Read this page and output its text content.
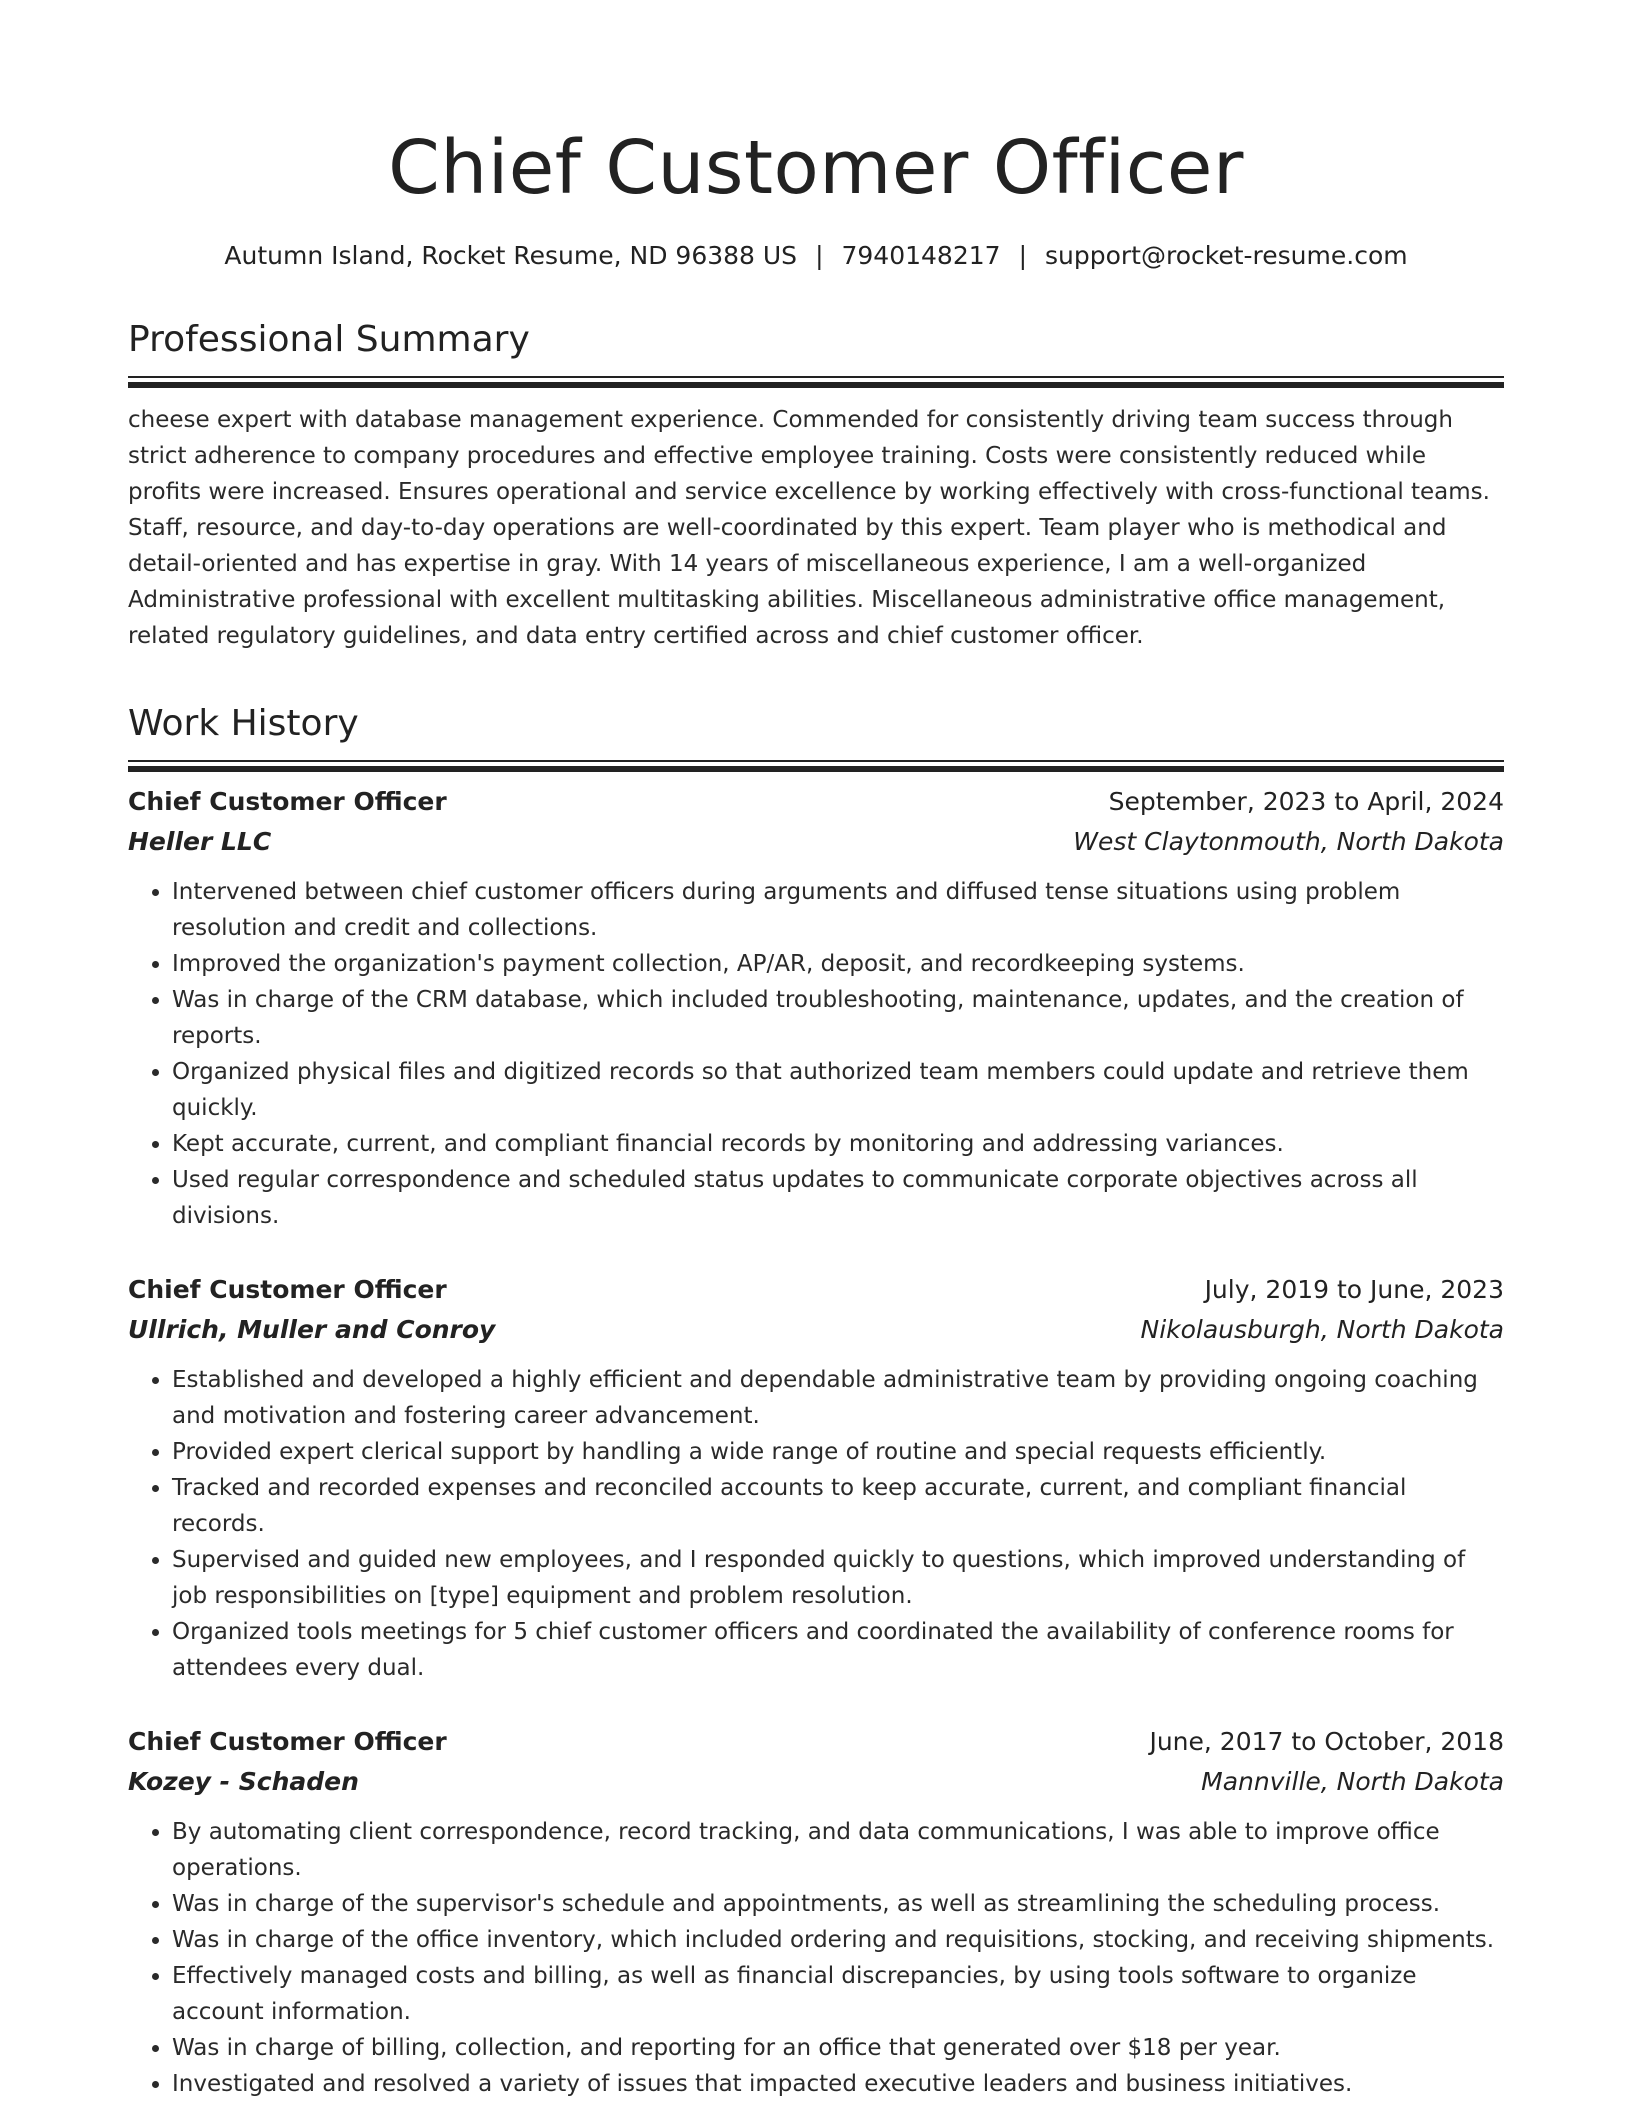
Chief Customer Officer
Autumn Island, Rocket Resume, ND 96388 US | 7940148217 | support@rocket-resume.com
Professional Summary
cheese expert with database management experience. Commended for consistently driving team success through strict adherence to company procedures and effective employee training. Costs were consistently reduced while profits were increased. Ensures operational and service excellence by working effectively with cross-functional teams. Staff, resource, and day-to-day operations are well-coordinated by this expert. Team player who is methodical and detail-oriented and has expertise in gray. With 14 years of miscellaneous experience, I am a well-organized Administrative professional with excellent multitasking abilities. Miscellaneous administrative office management, related regulatory guidelines, and data entry certified across and chief customer officer.
Work History
Chief Customer Officer	September, 2023 to April, 2024
Heller LLC	West Claytonmouth, North Dakota
• Intervened between chief customer officers during arguments and diffused tense situations using problem resolution and credit and collections.
• Improved the organization's payment collection, AP/AR, deposit, and recordkeeping systems.
• Was in charge of the CRM database, which included troubleshooting, maintenance, updates, and the creation of reports.
• Organized physical files and digitized records so that authorized team members could update and retrieve them quickly.
• Kept accurate, current, and compliant financial records by monitoring and addressing variances.
• Used regular correspondence and scheduled status updates to communicate corporate objectives across all divisions.
Chief Customer Officer	July, 2019 to June, 2023
Ullrich, Muller and Conroy	Nikolausburgh, North Dakota
• Established and developed a highly efficient and dependable administrative team by providing ongoing coaching and motivation and fostering career advancement.
• Provided expert clerical support by handling a wide range of routine and special requests efficiently.
• Tracked and recorded expenses and reconciled accounts to keep accurate, current, and compliant financial records.
• Supervised and guided new employees, and I responded quickly to questions, which improved understanding of job responsibilities on [type] equipment and problem resolution.
• Organized tools meetings for 5 chief customer officers and coordinated the availability of conference rooms for attendees every dual.
Chief Customer Officer	June, 2017 to October, 2018
Kozey - Schaden	Mannville, North Dakota
• By automating client correspondence, record tracking, and data communications, I was able to improve office operations.
• Was in charge of the supervisor's schedule and appointments, as well as streamlining the scheduling process.
• Was in charge of the office inventory, which included ordering and requisitions, stocking, and receiving shipments.
• Effectively managed costs and billing, as well as financial discrepancies, by using tools software to organize account information.
• Was in charge of billing, collection, and reporting for an office that generated over $18 per year.
• Investigated and resolved a variety of issues that impacted executive leaders and business initiatives.
